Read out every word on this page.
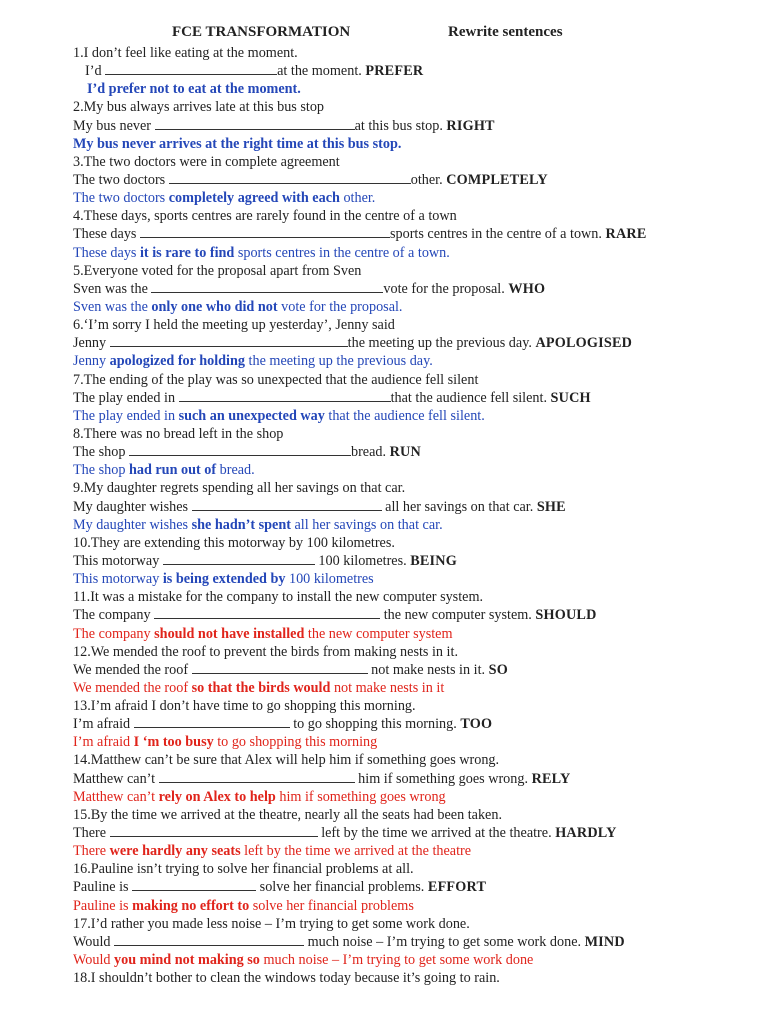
FCE TRANSFORMATION	Rewrite sentences
1.I don’t feel like eating at the moment.
I’d	at the moment. PREFER
I’d prefer not to eat at the moment.
2.My bus always arrives late at this bus stop
My bus never	at this bus stop. RIGHT
My bus never arrives at the right time at this bus stop.
3.The two doctors were in complete agreement
The two doctors	other. COMPLETELY
The two doctors completely agreed with each other.
4.These days, sports centres are rarely found in the centre of a town
These days	sports centres in the centre of a town. RARE
These days it is rare to find sports centres in the centre of a town.
5.Everyone voted for the proposal apart from Sven
Sven was the	vote for the proposal. WHO
Sven was the only one who did not vote for the proposal.
6.‘I’m sorry I held the meeting up yesterday’, Jenny said
Jenny	the meeting up the previous day. APOLOGISED
Jenny apologized for holding the meeting up the previous day.
7.The ending of the play was so unexpected that the audience fell silent
The play ended in	that the audience fell silent. SUCH
The play ended in such an unexpected way that the audience fell silent.
8.There was no bread left in the shop
The shop	bread. RUN
The shop had run out of bread.
9.My daughter regrets spending all her savings on that car.
My daughter wishes	all her savings on that car. SHE
My daughter wishes she hadn’t spent all her savings on that car.
10.They are extending this motorway by 100 kilometres.
This motorway	100 kilometres. BEING
This motorway is being extended by 100 kilometres
11.It was a mistake for the company to install the new computer system.
The company	the new computer system. SHOULD
The company should not have installed the new computer system
12.We mended the roof to prevent the birds from making nests in it.
We mended the roof	not make nests in it. SO
We mended the roof so that the birds would not make nests in it
13.I’m afraid I don’t have time to go shopping this morning.
I’m afraid	to go shopping this morning. TOO
I’m afraid I ‘m too busy to go shopping this morning
14.Matthew can’t be sure that Alex will help him if something goes wrong.
Matthew can’t	him if something goes wrong. RELY
Matthew can’t rely on Alex to help him if something goes wrong
15.By the time we arrived at the theatre, nearly all the seats had been taken.
There	left by the time we arrived at the theatre. HARDLY
There were hardly any seats left by the time we arrived at the theatre
16.Pauline isn’t trying to solve her financial problems at all.
Pauline is	solve her financial problems. EFFORT
Pauline is making no effort to solve her financial problems
17.I’d rather you made less noise – I’m trying to get some work done.
Would	much noise – I’m trying to get some work done. MIND
Would you mind not making so much noise – I’m trying to get some work done
18.I shouldn’t bother to clean the windows today because it’s going to rain.
